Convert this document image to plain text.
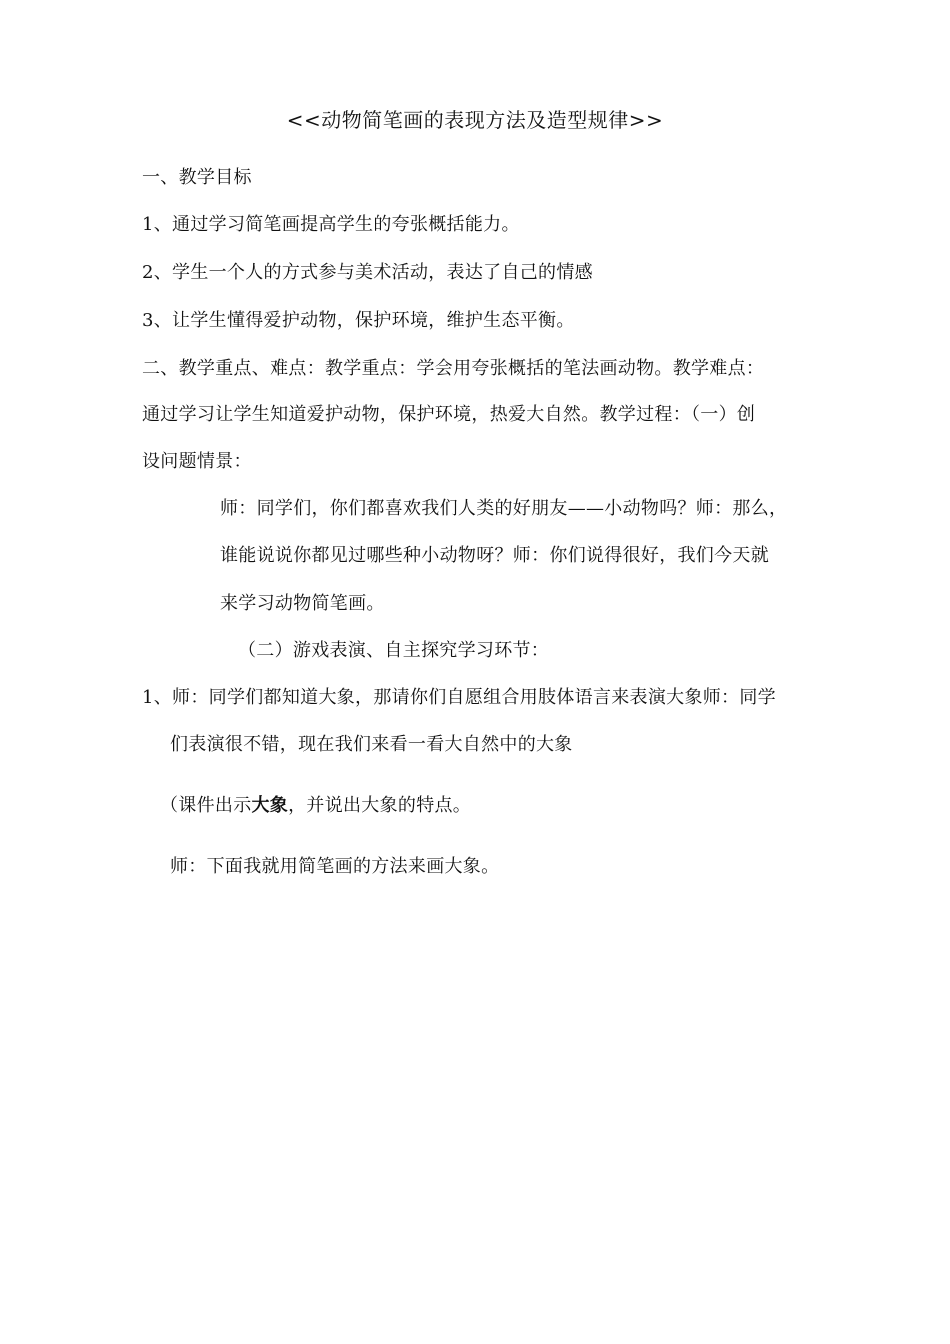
<<动物简笔画的表现方法及造型规律>>
一、教学目标
1、通过学习简笔画提高学生的夸张概括能力。
2、学生一个人的方式参与美术活动，表达了自己的情感
3、让学生懂得爱护动物，保护环境，维护生态平衡。
二、教学重点、难点：教学重点：学会用夸张概括的笔法画动物。教学难点：
通过学习让学生知道爱护动物，保护环境，热爱大自然。教学过程：（一）创
设问题情景：
师：同学们，你们都喜欢我们人类的好朋友——小动物吗？师：那么，
谁能说说你都见过哪些种小动物呀？师：你们说得很好，我们今天就
来学习动物简笔画。
（二）游戏表演、自主探究学习环节：
1、师：同学们都知道大象，那请你们自愿组合用肢体语言来表演大象师：同学
们表演很不错，现在我们来看一看大自然中的大象
（课件出示大象，并说出大象的特点。
师：下面我就用简笔画的方法来画大象。
